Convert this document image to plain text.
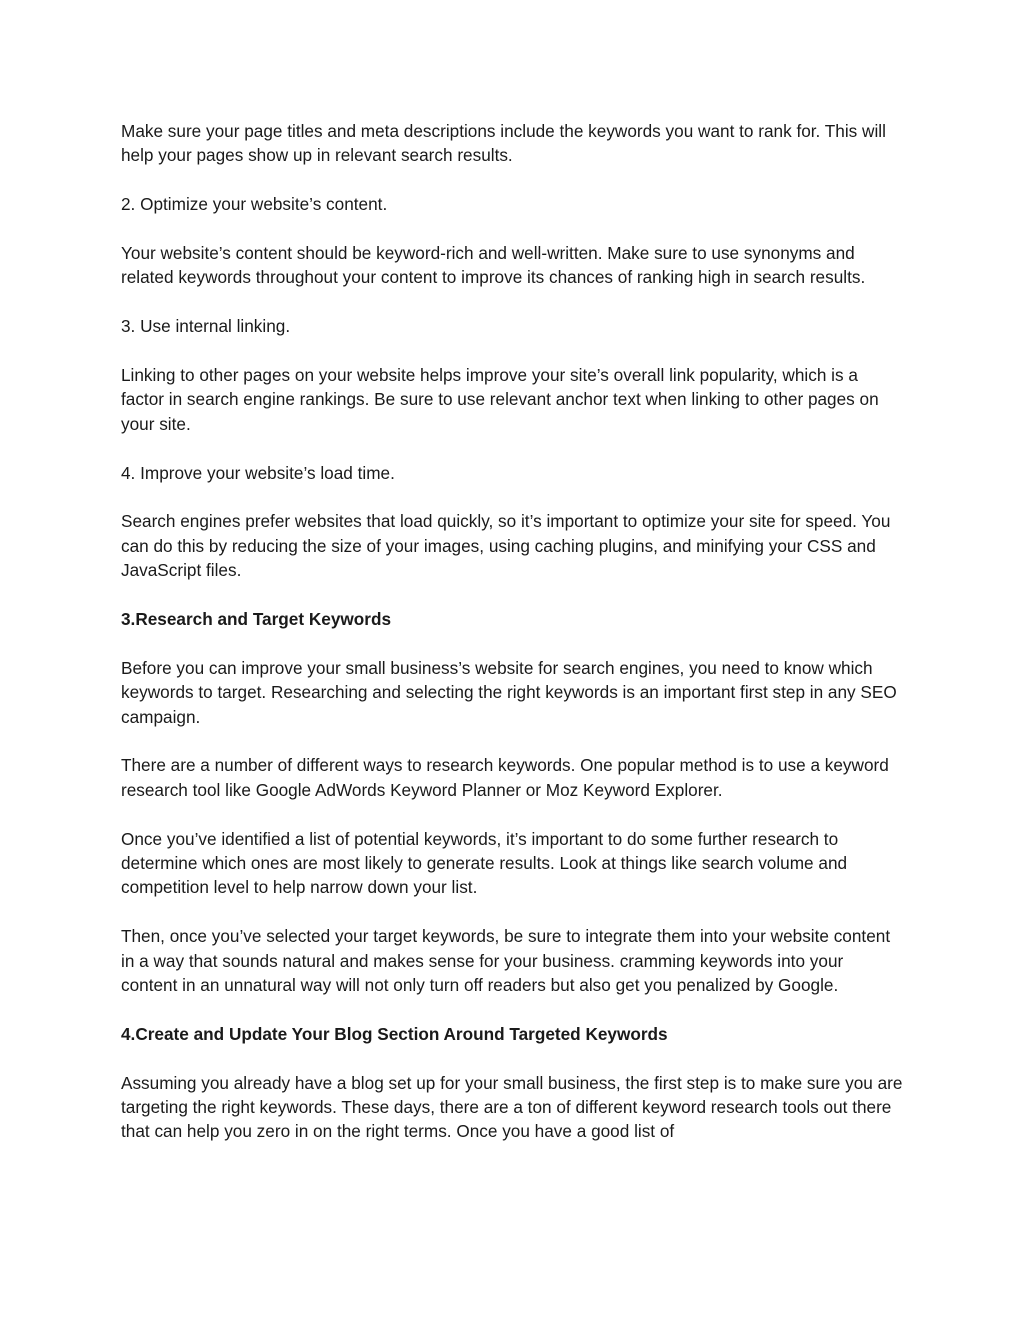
Make sure your page titles and meta descriptions include the keywords you want to rank for. This will help your pages show up in relevant search results.

2. Optimize your website’s content.

Your website’s content should be keyword-rich and well-written. Make sure to use synonyms and related keywords throughout your content to improve its chances of ranking high in search results.

3. Use internal linking.

Linking to other pages on your website helps improve your site’s overall link popularity, which is a factor in search engine rankings. Be sure to use relevant anchor text when linking to other pages on your site.

4. Improve your website’s load time.

Search engines prefer websites that load quickly, so it’s important to optimize your site for speed. You can do this by reducing the size of your images, using caching plugins, and minifying your CSS and JavaScript files.

3.Research and Target Keywords

Before you can improve your small business’s website for search engines, you need to know which keywords to target. Researching and selecting the right keywords is an important first step in any SEO campaign.

There are a number of different ways to research keywords. One popular method is to use a keyword research tool like Google AdWords Keyword Planner or Moz Keyword Explorer.

Once you’ve identified a list of potential keywords, it’s important to do some further research to determine which ones are most likely to generate results. Look at things like search volume and competition level to help narrow down your list.

Then, once you’ve selected your target keywords, be sure to integrate them into your website content in a way that sounds natural and makes sense for your business. cramming keywords into your content in an unnatural way will not only turn off readers but also get you penalized by Google.

4.Create and Update Your Blog Section Around Targeted Keywords

Assuming you already have a blog set up for your small business, the first step is to make sure you are targeting the right keywords. These days, there are a ton of different keyword research tools out there that can help you zero in on the right terms. Once you have a good list of
